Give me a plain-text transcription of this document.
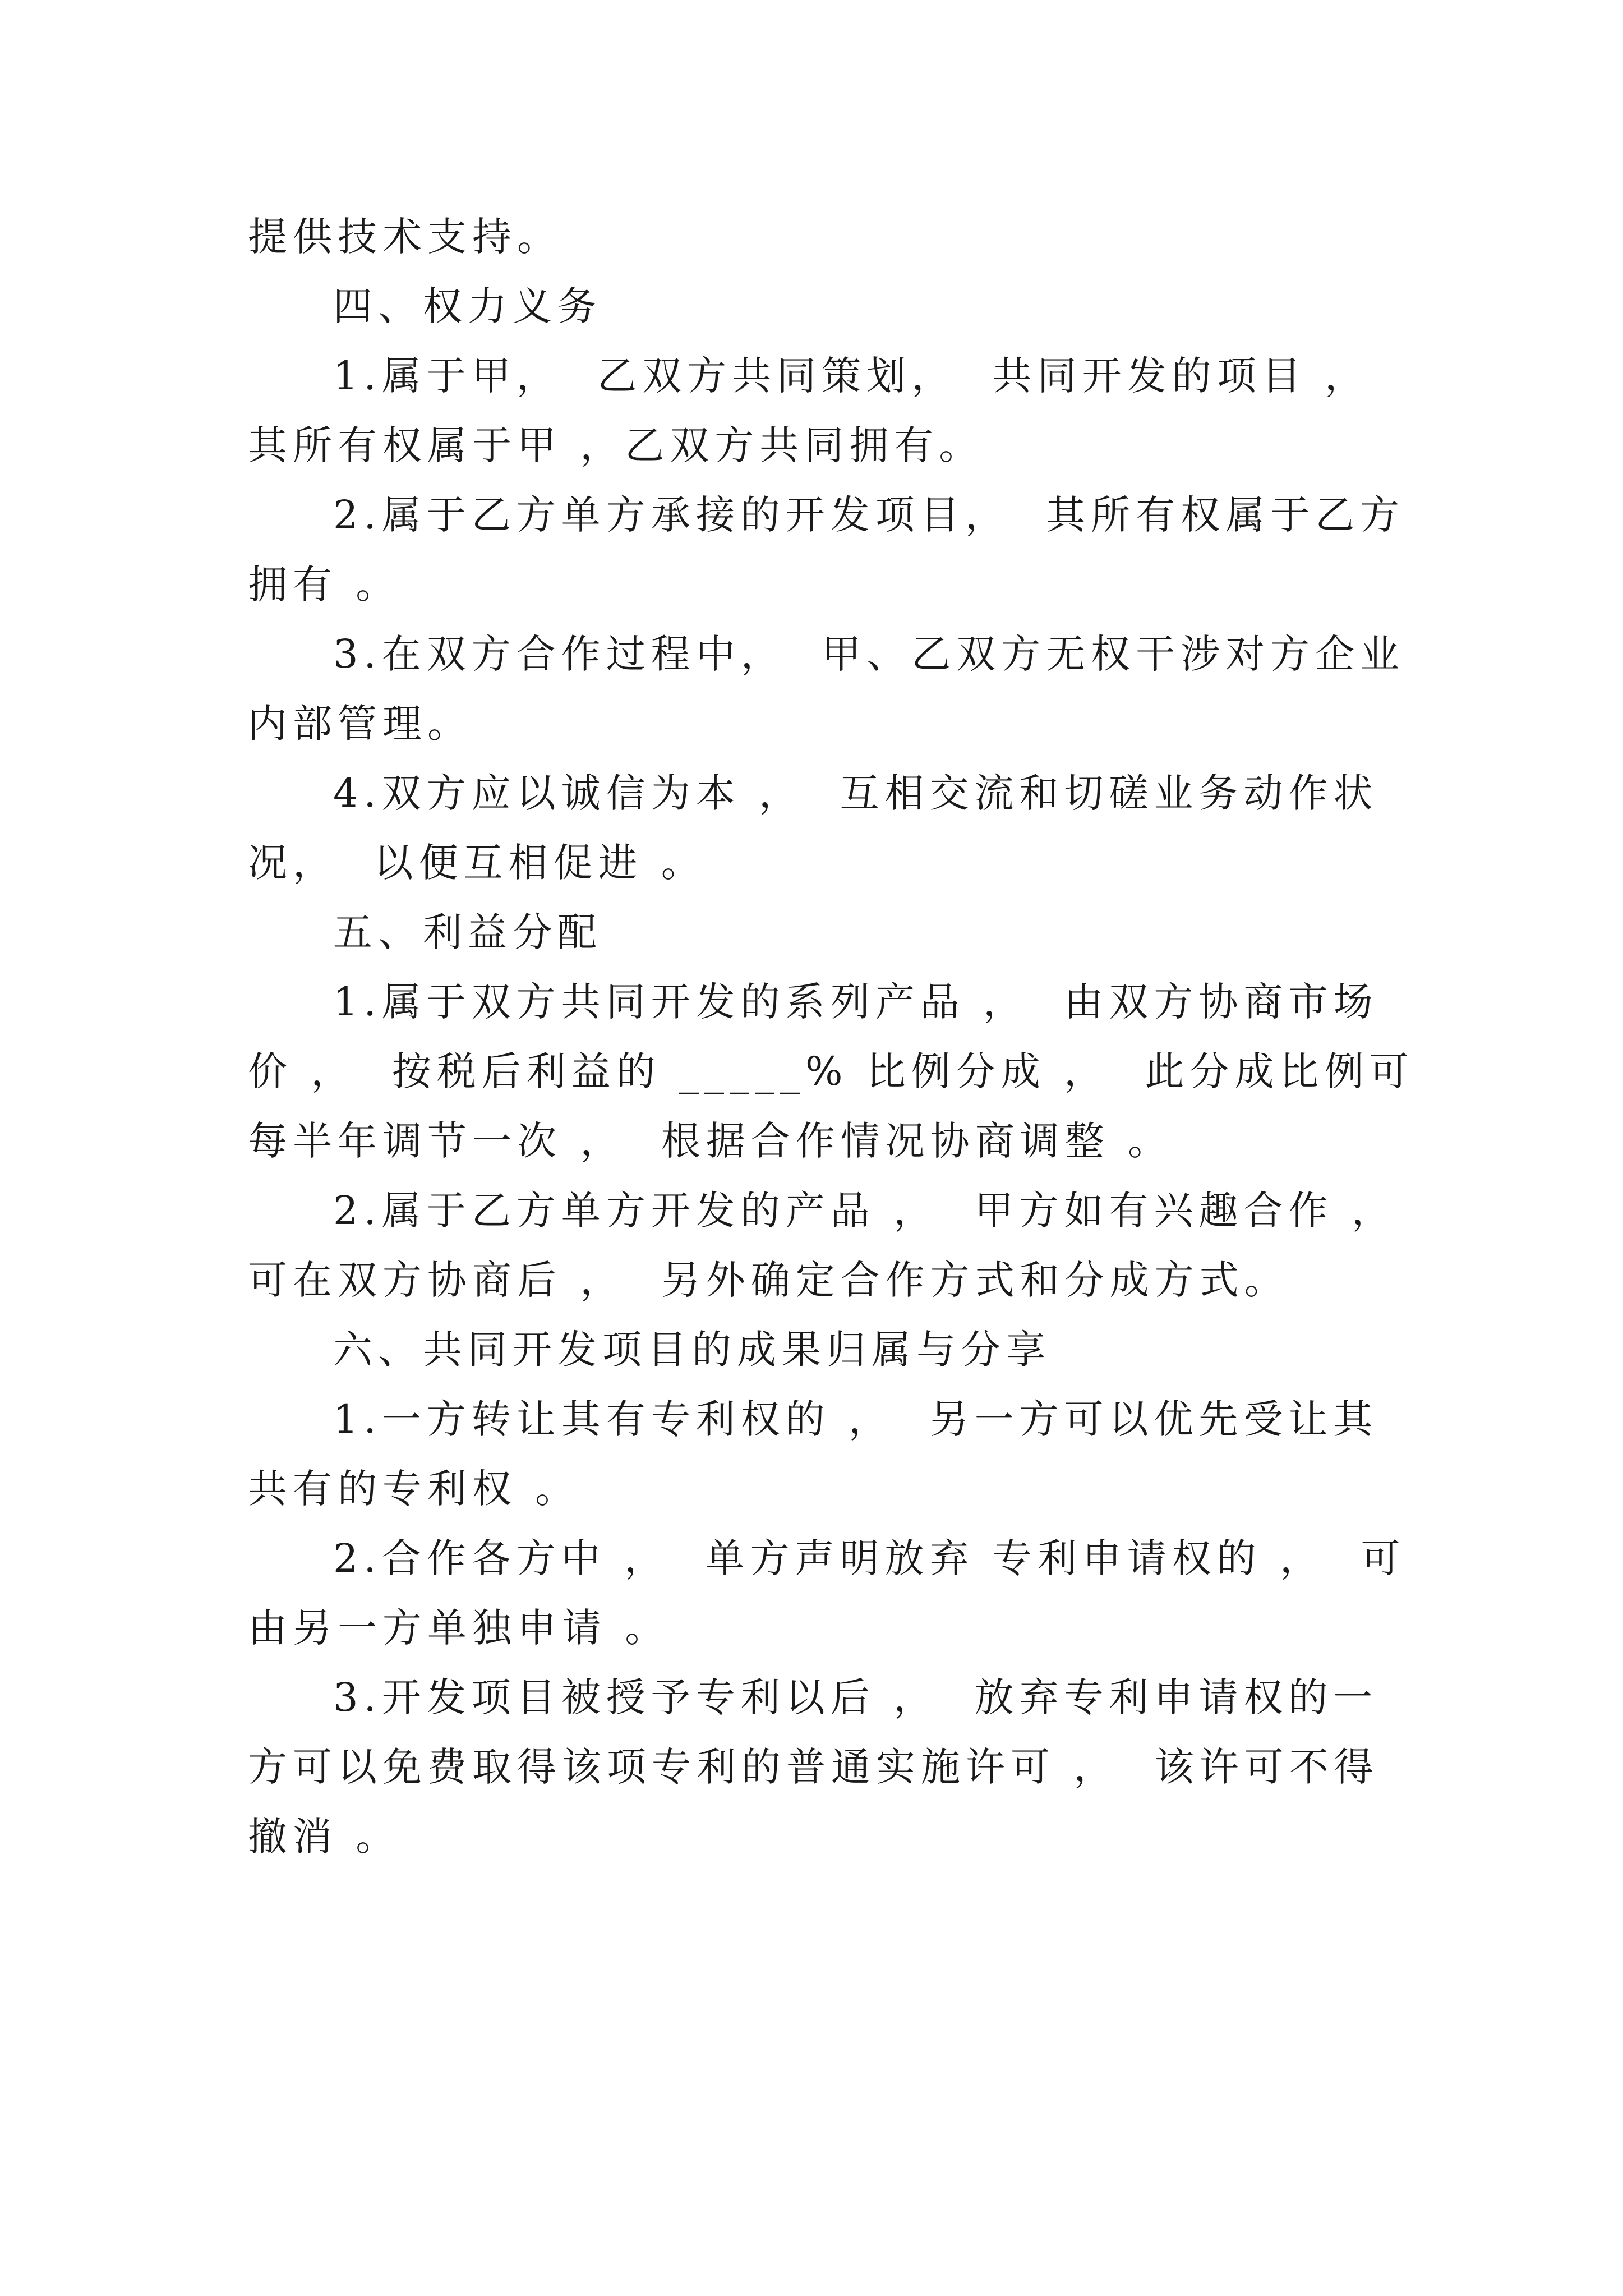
提供技术支持。
四、权力义务
1.属于甲，  乙双方共同策划，  共同开发的项目 ，
其所有权属于甲 ，乙双方共同拥有。
2.属于乙方单方承接的开发项目，  其所有权属于乙方
拥有 。
3.在双方合作过程中，  甲、乙双方无权干涉对方企业
内部管理。
4.双方应以诚信为本 ，  互相交流和切磋业务动作状
况，  以便互相促进 。
五、利益分配
1.属于双方共同开发的系列产品 ，  由双方协商市场
价 ，  按税后利益的 _____% 比例分成 ，  此分成比例可
每半年调节一次 ，  根据合作情况协商调整 。
2.属于乙方单方开发的产品 ，  甲方如有兴趣合作 ，
可在双方协商后 ，  另外确定合作方式和分成方式。
六、共同开发项目的成果归属与分享
1.一方转让其有专利权的 ，  另一方可以优先受让其
共有的专利权 。
2.合作各方中 ，  单方声明放弃 专利申请权的 ，  可
由另一方单独申请 。
3.开发项目被授予专利以后 ，  放弃专利申请权的一
方可以免费取得该项专利的普通实施许可 ，  该许可不得
撤消 。
